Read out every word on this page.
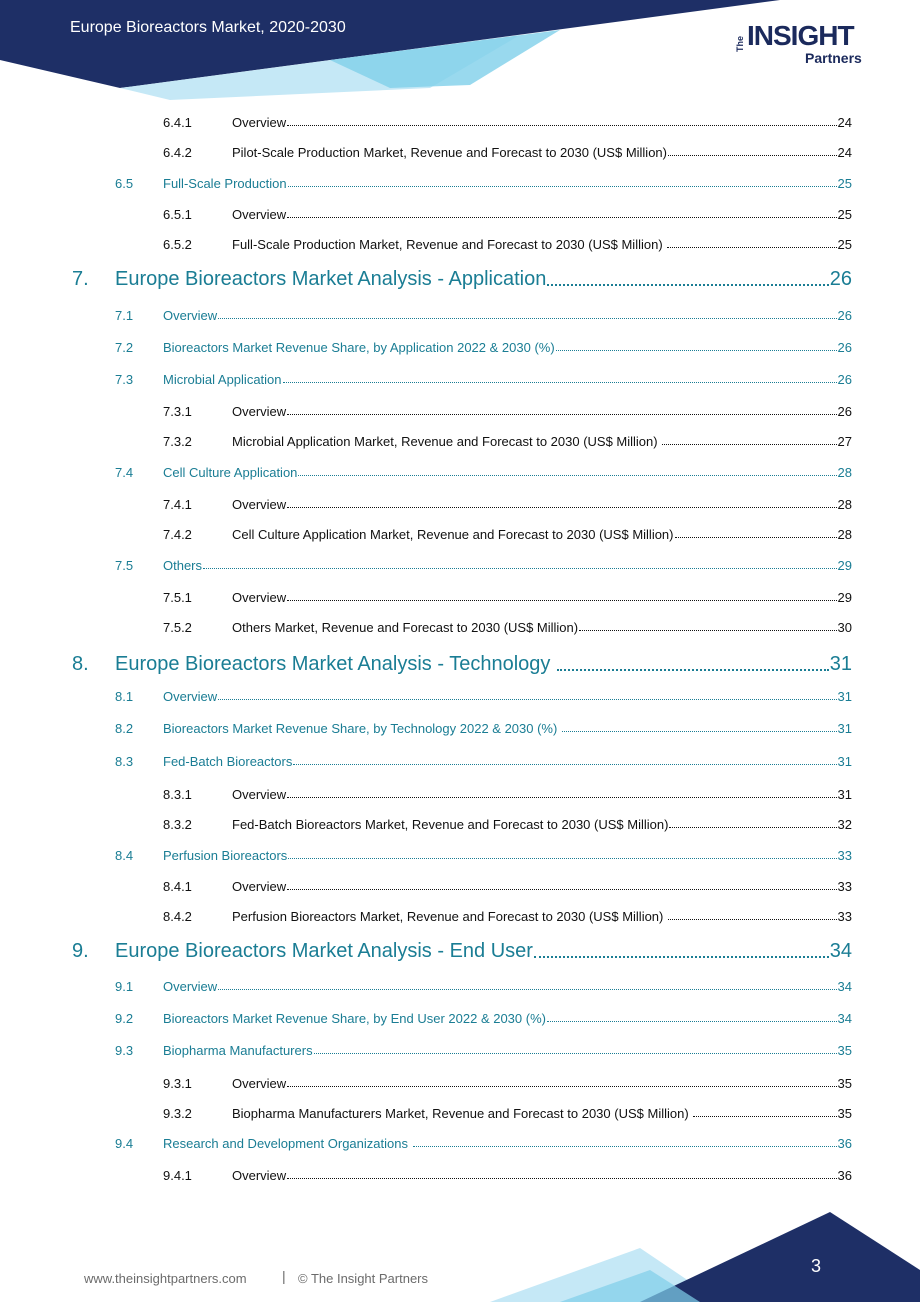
Europe Bioreactors Market, 2020-2030
The INSIGHT
Partners
6.4.1	Overview	24
6.4.2	Pilot-Scale Production Market, Revenue and Forecast to 2030 (US$ Million)	24
6.5	Full-Scale Production	25
6.5.1	Overview	25
6.5.2	Full-Scale Production Market, Revenue and Forecast to 2030 (US$ Million)	25
7.	Europe Bioreactors Market Analysis - Application	26
7.1	Overview	26
7.2	Bioreactors Market Revenue Share, by Application 2022 & 2030 (%)	26
7.3	Microbial Application	26
7.3.1	Overview	26
7.3.2	Microbial Application Market, Revenue and Forecast to 2030 (US$ Million)	27
7.4	Cell Culture Application	28
7.4.1	Overview	28
7.4.2	Cell Culture Application Market, Revenue and Forecast to 2030 (US$ Million)	28
7.5	Others	29
7.5.1	Overview	29
7.5.2	Others Market, Revenue and Forecast to 2030 (US$ Million)	30
8.	Europe Bioreactors Market Analysis - Technology	31
8.1	Overview	31
8.2	Bioreactors Market Revenue Share, by Technology 2022 & 2030 (%)	31
8.3	Fed-Batch Bioreactors	31
8.3.1	Overview	31
8.3.2	Fed-Batch Bioreactors Market, Revenue and Forecast to 2030 (US$ Million)	32
8.4	Perfusion Bioreactors	33
8.4.1	Overview	33
8.4.2	Perfusion Bioreactors Market, Revenue and Forecast to 2030 (US$ Million)	33
9.	Europe Bioreactors Market Analysis - End User	34
9.1	Overview	34
9.2	Bioreactors Market Revenue Share, by End User 2022 & 2030 (%)	34
9.3	Biopharma Manufacturers	35
9.3.1	Overview	35
9.3.2	Biopharma Manufacturers Market, Revenue and Forecast to 2030 (US$ Million)	35
9.4	Research and Development Organizations	36
9.4.1	Overview	36
www.theinsightpartners.com	| © The Insight Partners
3
